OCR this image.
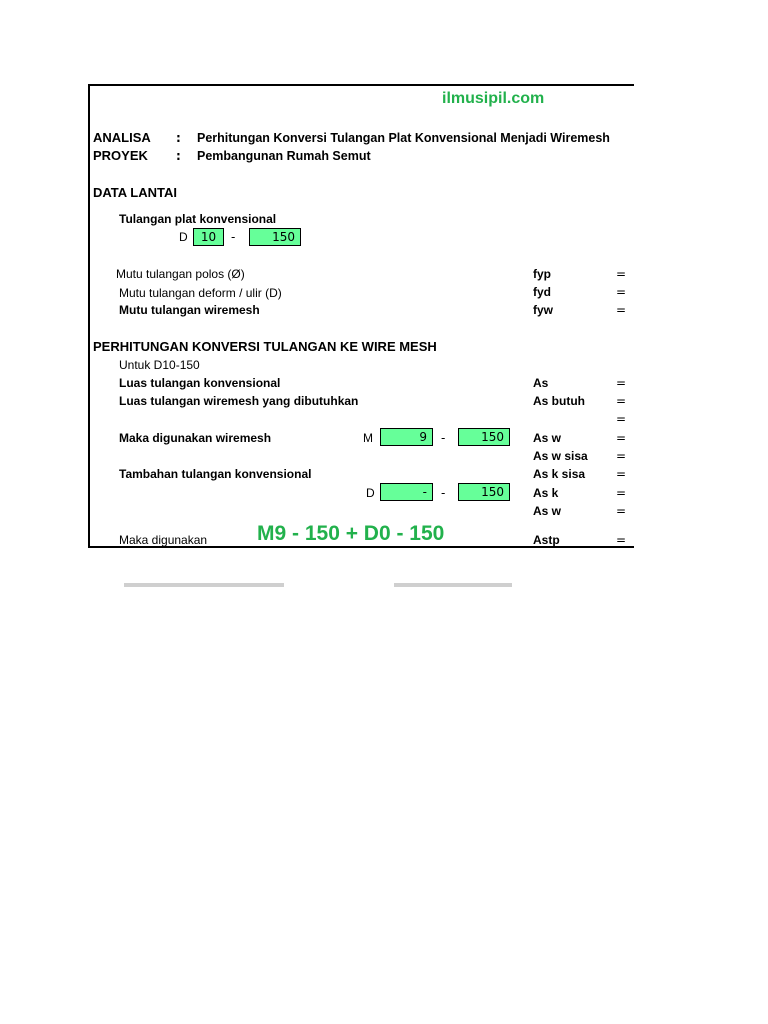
ilmusipil.com
ANALISA : Perhitungan Konversi Tulangan Plat Konvensional Menjadi Wiremesh
PROYEK : Pembangunan Rumah Semut
DATA LANTAI
Tulangan plat konvensional
D	10	-	150
Mutu tulangan polos (Ø)	fyp	=
Mutu tulangan deform / ulir (D)	fyd	=
Mutu tulangan wiremesh	fyw	=
PERHITUNGAN KONVERSI TULANGAN KE WIRE MESH
Untuk D10-150
Luas tulangan konvensional	As	=
Luas tulangan wiremesh yang dibutuhkan	As butuh	=
=
Maka digunakan wiremesh	M	9	-	150	As w	=
As w sisa =
Tambahan tulangan konvensional	As k sisa	=
D	-	-	150	As k	=
As w	=
Maka digunakan M9 - 150 + D0 - 150	Astp	=
